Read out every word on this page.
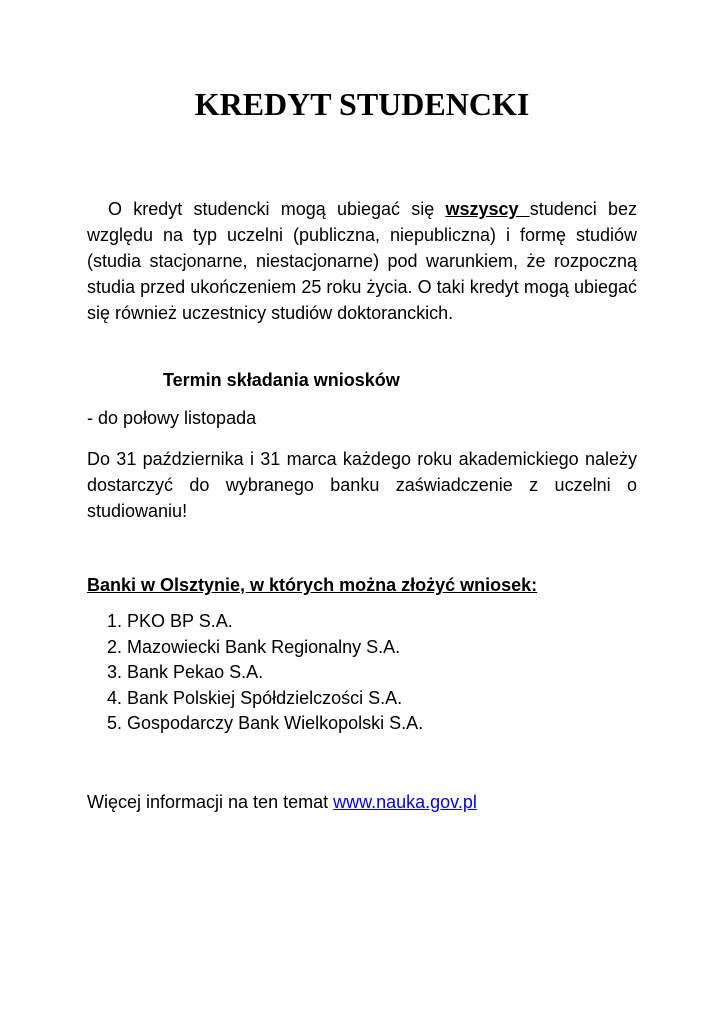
KREDYT STUDENCKI

O kredyt studencki mogą ubiegać się wszyscy studenci bez względu na typ uczelni (publiczna, niepubliczna) i formę studiów (studia stacjonarne, niestacjonarne) pod warunkiem, że rozpoczną studia przed ukończeniem 25 roku życia. O taki kredyt mogą ubiegać się również uczestnicy studiów doktoranckich.

Termin składania wniosków

- do połowy listopada

Do 31 października i 31 marca każdego roku akademickiego należy dostarczyć do wybranego banku zaświadczenie z uczelni o studiowaniu!

Banki w Olsztynie, w których można złożyć wniosek:

1. PKO BP S.A.
2. Mazowiecki Bank Regionalny S.A.
3. Bank Pekao S.A.
4. Bank Polskiej Spółdzielczości S.A.
5. Gospodarczy Bank Wielkopolski S.A.

Więcej informacji na ten temat www.nauka.gov.pl
